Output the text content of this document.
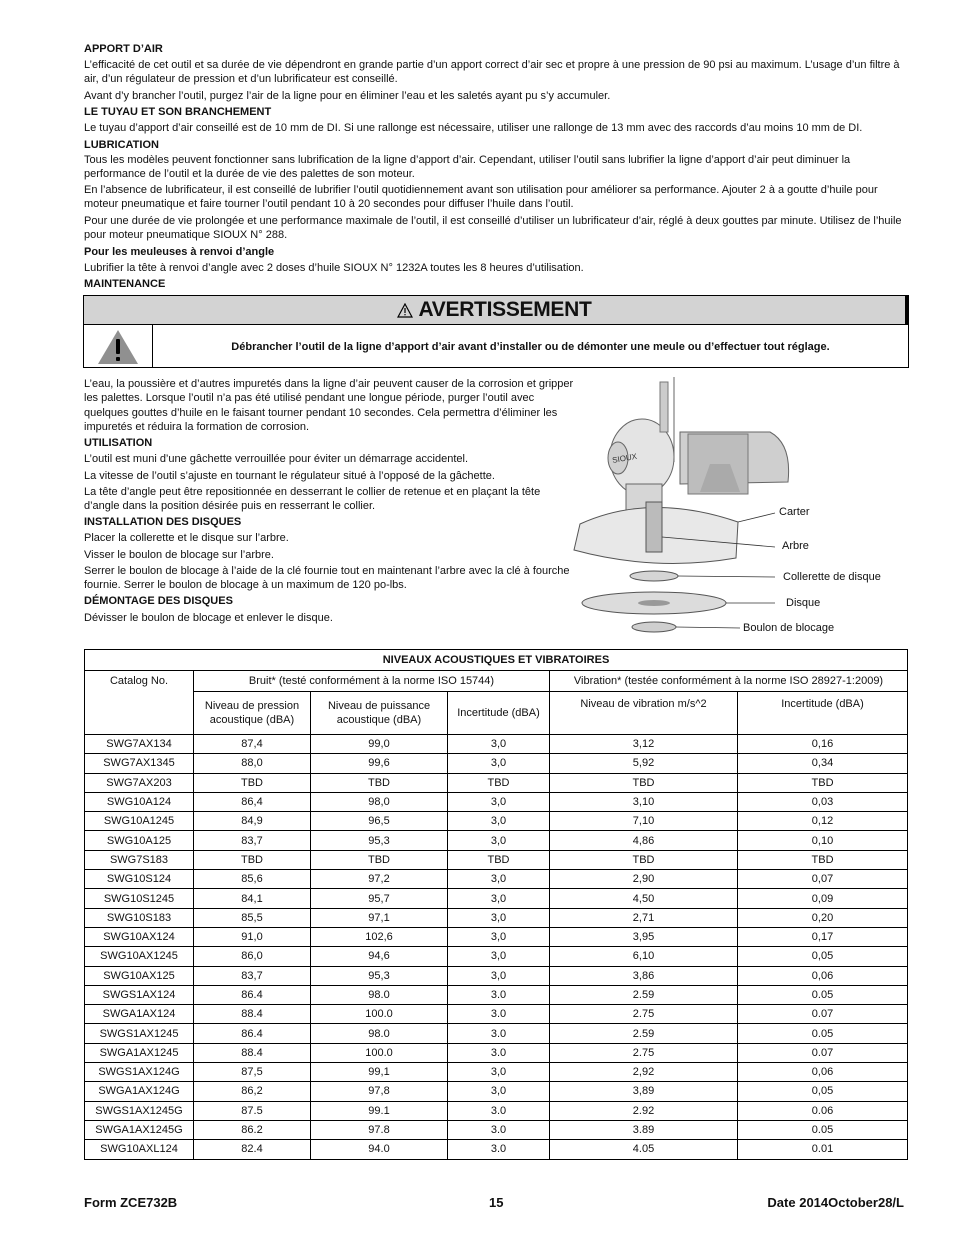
APPORT D’AIR

L’efficacité de cet outil et sa durée de vie dépendront en grande partie d’un apport correct d’air sec et propre à une pression de 90 psi au maximum. L’usage d’un filtre à air, d’un régulateur de pression et d’un lubrificateur est conseillé.

Avant d’y brancher l’outil, purgez l’air de la ligne pour en éliminer l’eau et les saletés ayant pu s’y accumuler.

LE TUYAU ET SON BRANCHEMENT

Le tuyau d’apport d’air conseillé est de 10 mm de DI. Si une rallonge est nécessaire, utiliser une rallonge de 13 mm avec des raccords d’au moins 10 mm de DI.

LUBRICATION

Tous les modèles peuvent fonctionner sans lubrification de la ligne d’apport d’air. Cependant, utiliser l’outil sans lubrifier la ligne d’apport d’air peut diminuer la performance de l’outil et la durée de vie des palettes de son moteur.

En l’absence de lubrificateur, il est conseillé de lubrifier l’outil quotidiennement avant son utilisation pour améliorer sa performance. Ajouter 2 à a goutte d’huile pour moteur pneumatique et faire tourner l’outil pendant 10 à 20 secondes pour diffuser l’huile dans l’outil.

Pour une durée de vie prolongée et une performance maximale de l’outil, il est conseillé d’utiliser un lubrificateur d’air, réglé à deux gouttes par minute. Utilisez de l’huile pour moteur pneumatique SIOUX N° 288.

Pour les meuleuses à renvoi d’angle

Lubrifier la tête à renvoi d’angle avec 2 doses d’huile SIOUX N° 1232A toutes les 8 heures d’utilisation.

MAINTENANCE

AVERTISSEMENT
Débrancher l’outil de la ligne d’apport d’air avant d’installer ou de démonter une meule ou d’effectuer tout réglage.

L’eau, la poussière et d’autres impuretés dans la ligne d’air peuvent causer de la corrosion et gripper les palettes. Lorsque l’outil n’a pas été utilisé pendant une longue période, purger l’outil avec quelques gouttes d’huile en le faisant tourner pendant 10 secondes. Cela permettra d’éliminer les impuretés et réduira la formation de corrosion.

UTILISATION

L’outil est muni d’une gâchette verrouillée pour éviter un démarrage accidentel.

La vitesse de l’outil s’ajuste en tournant le régulateur situé à l’opposé de la gâchette.

La tête d’angle peut être repositionnée en desserrant le collier de retenue et en plaçant la tête d’angle dans la position désirée puis en resserrant le collier.

INSTALLATION DES DISQUES

Placer la collerette et le disque sur l’arbre.

Visser le boulon de blocage sur l’arbre.

Serrer le boulon de blocage à l’aide de la clé fournie tout en maintenant l’arbre avec la clé à fourche fournie. Serrer le boulon de blocage à un maximum de 120 po-lbs.

DÉMONTAGE DES DISQUES

Dévisser le boulon de blocage et enlever le disque.

SIOUX
Carter
Arbre
Collerette de disque
Disque
Boulon de blocage
NIVEAUX ACOUSTIQUES ET VIBRATOIRES					
Catalog No.	Bruit* (testé conformément à la norme ISO 15744)			Vibration* (testée conformément à la norme ISO 28927-1:2009)	
	Niveau de pression acoustique (dBA)	Niveau de puissance acoustique (dBA)	Incertitude (dBA)	Niveau de vibration m/s^2	Incertitude (dBA)
SWG7AX134	87,4	99,0	3,0	3,12	0,16
SWG7AX1345	88,0	99,6	3,0	5,92	0,34
SWG7AX203	TBD	TBD	TBD	TBD	TBD
SWG10A124	86,4	98,0	3,0	3,10	0,03
SWG10A1245	84,9	96,5	3,0	7,10	0,12
SWG10A125	83,7	95,3	3,0	4,86	0,10
SWG7S183	TBD	TBD	TBD	TBD	TBD
SWG10S124	85,6	97,2	3,0	2,90	0,07
SWG10S1245	84,1	95,7	3,0	4,50	0,09
SWG10S183	85,5	97,1	3,0	2,71	0,20
SWG10AX124	91,0	102,6	3,0	3,95	0,17
SWG10AX1245	86,0	94,6	3,0	6,10	0,05
SWG10AX125	83,7	95,3	3,0	3,86	0,06
SWGS1AX124	86.4	98.0	3.0	2.59	0.05
SWGA1AX124	88.4	100.0	3.0	2.75	0.07
SWGS1AX1245	86.4	98.0	3.0	2.59	0.05
SWGA1AX1245	88.4	100.0	3.0	2.75	0.07
SWGS1AX124G	87,5	99,1	3,0	2,92	0,06
SWGA1AX124G	86,2	97,8	3,0	3,89	0,05
SWGS1AX1245G	87.5	99.1	3.0	2.92	0.06
SWGA1AX1245G	86.2	97.8	3.0	3.89	0.05
SWG10AXL124	82.4	94.0	3.0	4.05	0.01
Form ZCE732B	15	Date 2014October28/L
